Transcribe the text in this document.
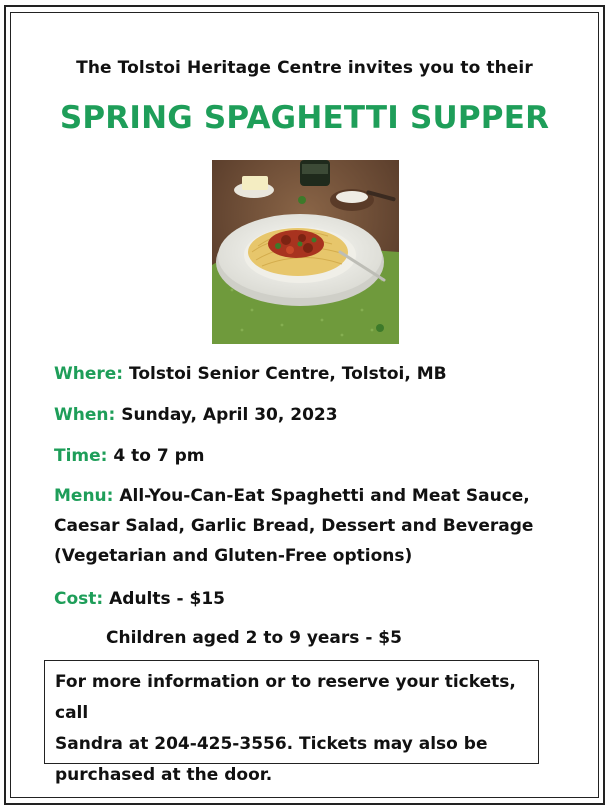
The Tolstoi Heritage Centre invites you to their
SPRING SPAGHETTI SUPPER
Where: Tolstoi Senior Centre, Tolstoi, MB
When: Sunday, April 30, 2023
Time: 4 to 7 pm
Menu: All-You-Can-Eat Spaghetti and Meat Sauce,
Caesar Salad, Garlic Bread, Dessert and Beverage
(Vegetarian and Gluten-Free options)
Cost: Adults - $15
Children aged 2 to 9 years - $5
For more information or to reserve your tickets, call
Sandra at 204-425-3556. Tickets may also be
purchased at the door.
